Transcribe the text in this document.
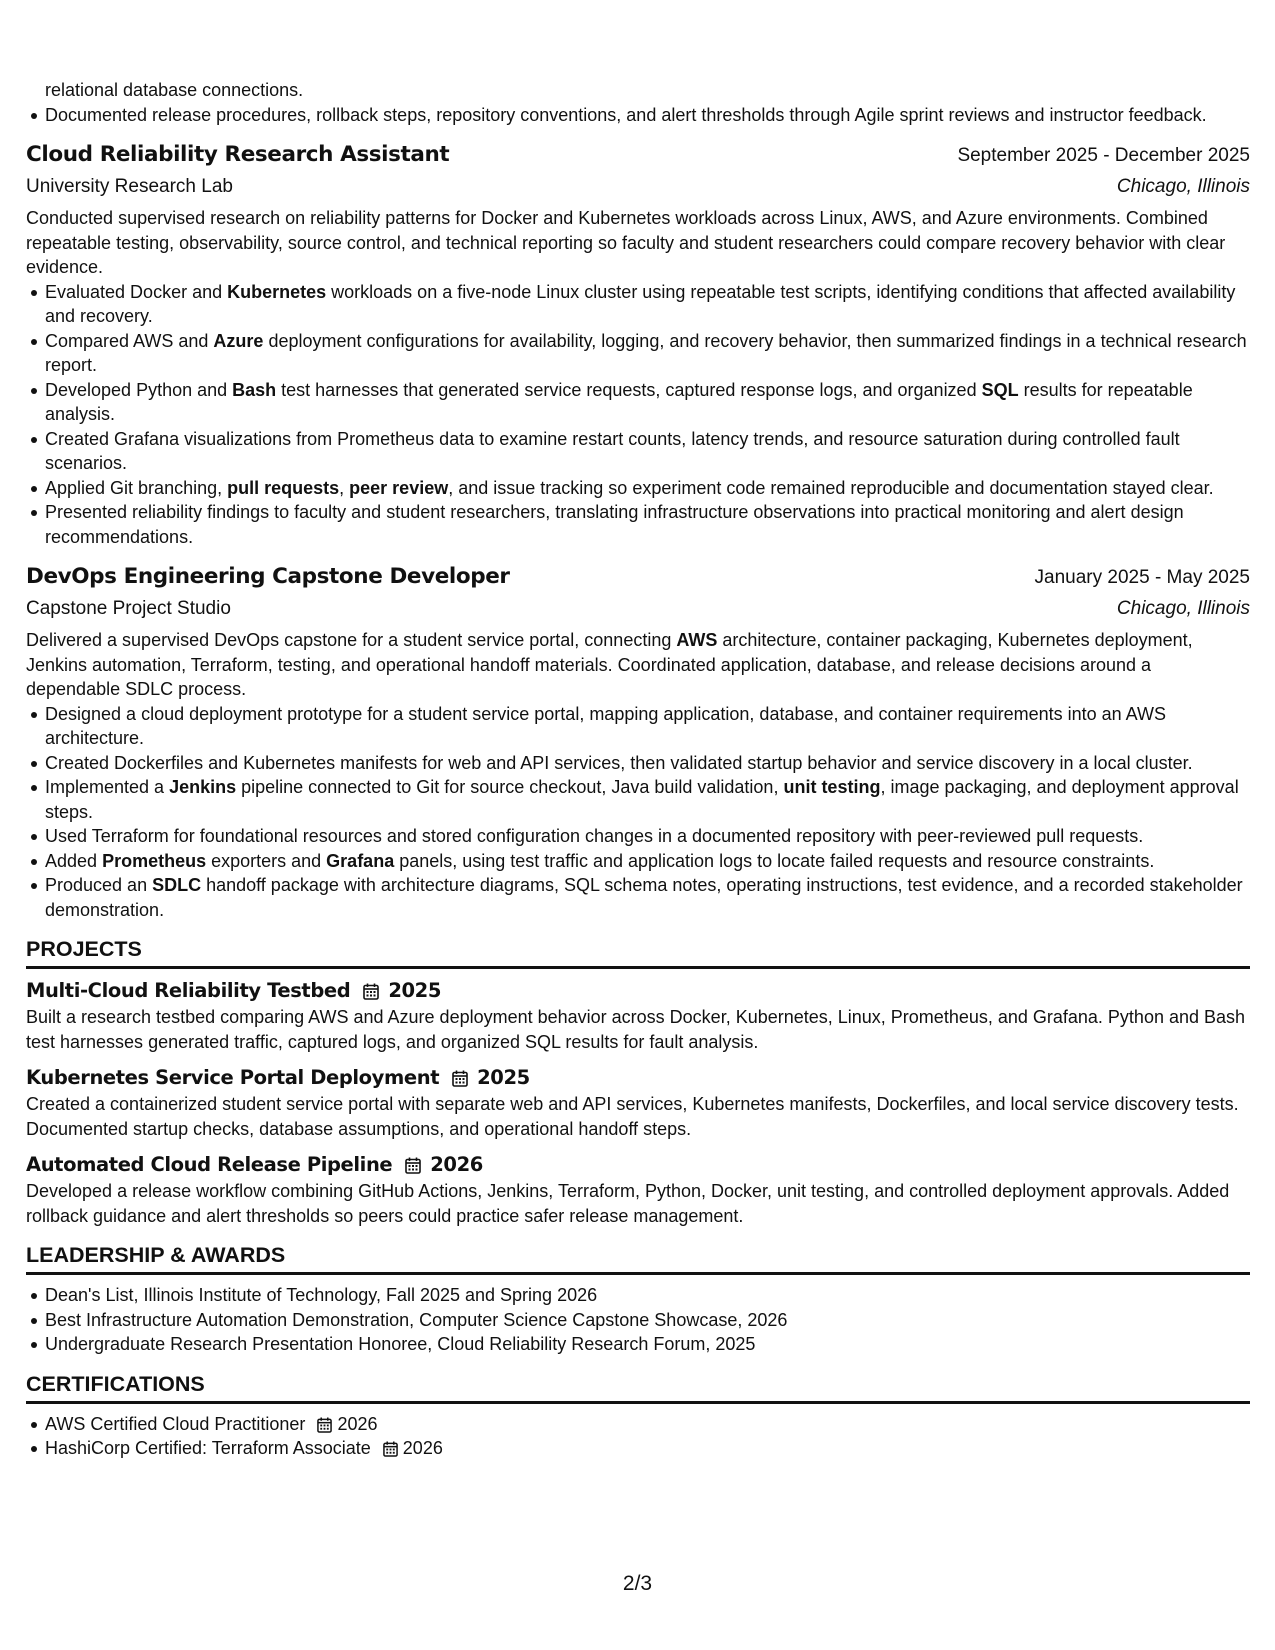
relational database connections.
Documented release procedures, rollback steps, repository conventions, and alert thresholds through Agile sprint reviews and instructor feedback.
Cloud Reliability Research Assistant	September 2025 - December 2025
University Research Lab	Chicago, Illinois
Conducted supervised research on reliability patterns for Docker and Kubernetes workloads across Linux, AWS, and Azure environments. Combined repeatable testing, observability, source control, and technical reporting so faculty and student researchers could compare recovery behavior with clear evidence.
Evaluated Docker and Kubernetes workloads on a five-node Linux cluster using repeatable test scripts, identifying conditions that affected availability and recovery.
Compared AWS and Azure deployment configurations for availability, logging, and recovery behavior, then summarized findings in a technical research report.
Developed Python and Bash test harnesses that generated service requests, captured response logs, and organized SQL results for repeatable analysis.
Created Grafana visualizations from Prometheus data to examine restart counts, latency trends, and resource saturation during controlled fault scenarios.
Applied Git branching, pull requests, peer review, and issue tracking so experiment code remained reproducible and documentation stayed clear.
Presented reliability findings to faculty and student researchers, translating infrastructure observations into practical monitoring and alert design recommendations.
DevOps Engineering Capstone Developer	January 2025 - May 2025
Capstone Project Studio	Chicago, Illinois
Delivered a supervised DevOps capstone for a student service portal, connecting AWS architecture, container packaging, Kubernetes deployment, Jenkins automation, Terraform, testing, and operational handoff materials. Coordinated application, database, and release decisions around a dependable SDLC process.
Designed a cloud deployment prototype for a student service portal, mapping application, database, and container requirements into an AWS architecture.
Created Dockerfiles and Kubernetes manifests for web and API services, then validated startup behavior and service discovery in a local cluster.
Implemented a Jenkins pipeline connected to Git for source checkout, Java build validation, unit testing, image packaging, and deployment approval steps.
Used Terraform for foundational resources and stored configuration changes in a documented repository with peer-reviewed pull requests.
Added Prometheus exporters and Grafana panels, using test traffic and application logs to locate failed requests and resource constraints.
Produced an SDLC handoff package with architecture diagrams, SQL schema notes, operating instructions, test evidence, and a recorded stakeholder demonstration.
PROJECTS
Multi-Cloud Reliability Testbed 2025
Built a research testbed comparing AWS and Azure deployment behavior across Docker, Kubernetes, Linux, Prometheus, and Grafana. Python and Bash test harnesses generated traffic, captured logs, and organized SQL results for fault analysis.
Kubernetes Service Portal Deployment 2025
Created a containerized student service portal with separate web and API services, Kubernetes manifests, Dockerfiles, and local service discovery tests. Documented startup checks, database assumptions, and operational handoff steps.
Automated Cloud Release Pipeline 2026
Developed a release workflow combining GitHub Actions, Jenkins, Terraform, Python, Docker, unit testing, and controlled deployment approvals. Added rollback guidance and alert thresholds so peers could practice safer release management.
LEADERSHIP & AWARDS
Dean's List, Illinois Institute of Technology, Fall 2025 and Spring 2026
Best Infrastructure Automation Demonstration, Computer Science Capstone Showcase, 2026
Undergraduate Research Presentation Honoree, Cloud Reliability Research Forum, 2025
CERTIFICATIONS
AWS Certified Cloud Practitioner 2026
HashiCorp Certified: Terraform Associate 2026
2/3
